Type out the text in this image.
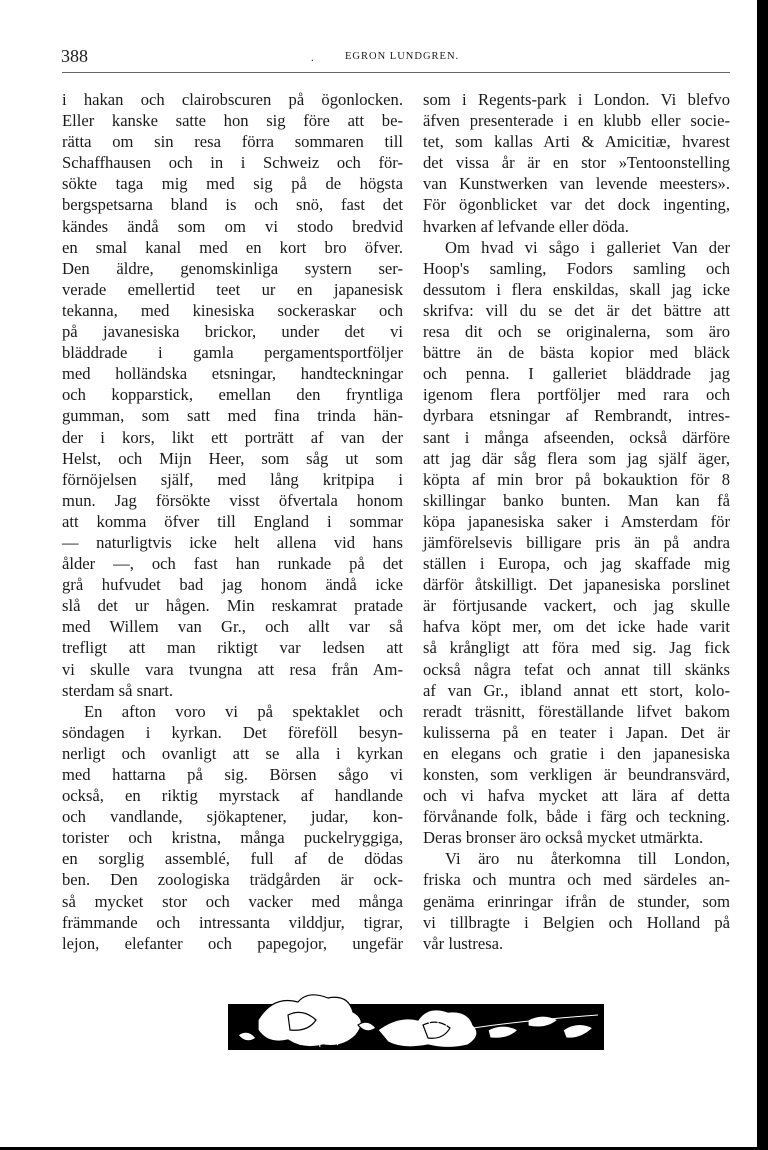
388	.	EGRON LUNDGREN.
i hakan och clairobscuren på ögonlocken.
Eller kanske satte hon sig före att be-
rätta om sin resa förra sommaren till
Schaffhausen och in i Schweiz och för-
sökte taga mig med sig på de högsta
bergspetsarna bland is och snö, fast det
kändes ändå som om vi stodo bredvid
en smal kanal med en kort bro öfver.
Den äldre, genomskinliga systern ser-
verade emellertid teet ur en japanesisk
tekanna, med kinesiska sockeraskar och
på javanesiska brickor, under det vi
bläddrade i gamla pergamentsportföljer
med holländska etsningar, handteckningar
och kopparstick, emellan den fryntliga
gumman, som satt med fina trinda hän-
der i kors, likt ett porträtt af van der
Helst, och Mijn Heer, som såg ut som
förnöjelsen själf, med lång kritpipa i
mun. Jag försökte visst öfvertala honom
att komma öfver till England i sommar
— naturligtvis icke helt allena vid hans
ålder —, och fast han runkade på det
grå hufvudet bad jag honom ändå icke
slå det ur hågen. Min reskamrat pratade
med Willem van Gr., och allt var så
trefligt att man riktigt var ledsen att
vi skulle vara tvungna att resa från Am-
sterdam så snart.
En afton voro vi på spektaklet och
söndagen i kyrkan. Det föreföll besyn-
nerligt och ovanligt att se alla i kyrkan
med hattarna på sig. Börsen sågo vi
också, en riktig myrstack af handlande
och vandlande, sjökaptener, judar, kon-
torister och kristna, många puckelryggiga,
en sorglig assemblé, full af de dödas
ben. Den zoologiska trädgården är ock-
så mycket stor och vacker med många
främmande och intressanta vilddjur, tigrar,
lejon, elefanter och papegojor, ungefär
som i Regents-park i London. Vi blefvo
äfven presenterade i en klubb eller socie-
tet, som kallas Arti & Amicitiæ, hvarest
det vissa år är en stor »Tentoonstelling
van Kunstwerken van levende meesters».
För ögonblicket var det dock ingenting,
hvarken af lefvande eller döda.
Om hvad vi sågo i galleriet Van der
Hoop's samling, Fodors samling och
dessutom i flera enskildas, skall jag icke
skrifva: vill du se det är det bättre att
resa dit och se originalerna, som äro
bättre än de bästa kopior med bläck
och penna. I galleriet bläddrade jag
igenom flera portföljer med rara och
dyrbara etsningar af Rembrandt, intres-
sant i många afseenden, också därföre
att jag där såg flera som jag själf äger,
köpta af min bror på bokauktion för 8
skillingar banko bunten. Man kan få
köpa japanesiska saker i Amsterdam för
jämförelsevis billigare pris än på andra
ställen i Europa, och jag skaffade mig
därför åtskilligt. Det japanesiska porslinet
är förtjusande vackert, och jag skulle
hafva köpt mer, om det icke hade varit
så krångligt att föra med sig. Jag fick
också några tefat och annat till skänks
af van Gr., ibland annat ett stort, kolo-
reradt träsnitt, föreställande lifvet bakom
kulisserna på en teater i Japan. Det är
en elegans och gratie i den japanesiska
konsten, som verkligen är beundransvärd,
och vi hafva mycket att lära af detta
förvånande folk, både i färg och teckning.
Deras bronser äro också mycket utmärkta.
Vi äro nu återkomna till London,
friska och muntra och med särdeles an-
genäma erinringar ifrån de stunder, som
vi tillbragte i Belgien och Holland på
vår lustresa.
